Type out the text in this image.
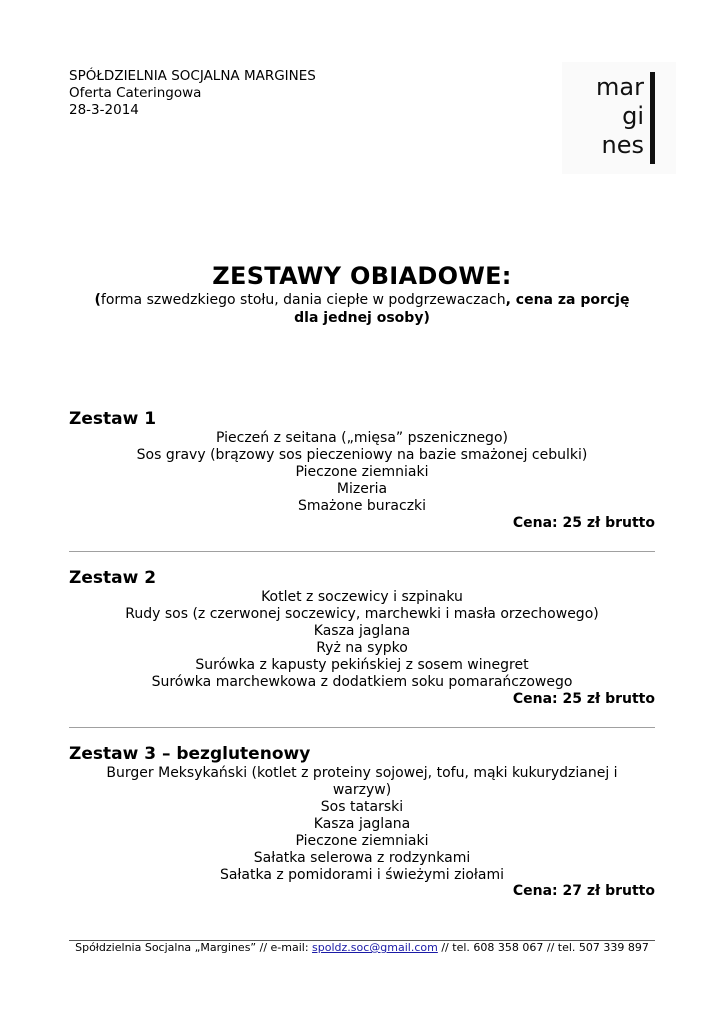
SPÓŁDZIELNIA SOCJALNA MARGINES
Oferta Cateringowa
28-3-2014
mar
gi
nes
ZESTAWY OBIADOWE:
(forma szwedzkiego stołu, dania ciepłe w podgrzewaczach, cena za porcję dla jednej osoby)
Zestaw 1
Pieczeń z seitana („mięsa” pszenicznego)
Sos gravy (brązowy sos pieczeniowy na bazie smażonej cebulki)
Pieczone ziemniaki
Mizeria
Smażone buraczki
Cena: 25 zł brutto
Zestaw 2
Kotlet z soczewicy i szpinaku
Rudy sos (z czerwonej soczewicy, marchewki i masła orzechowego)
Kasza jaglana
Ryż na sypko
Surówka z kapusty pekińskiej z sosem winegret
Surówka marchewkowa z dodatkiem soku pomarańczowego
Cena: 25 zł brutto
Zestaw 3 – bezglutenowy
Burger Meksykański (kotlet z proteiny sojowej, tofu, mąki kukurydzianej i warzyw)
Sos tatarski
Kasza jaglana
Pieczone ziemniaki
Sałatka selerowa z rodzynkami
Sałatka z pomidorami i świeżymi ziołami
Cena: 27 zł brutto
Spółdzielnia Socjalna „Margines” // e-mail: spoldz.soc@gmail.com // tel. 608 358 067 // tel. 507 339 897
